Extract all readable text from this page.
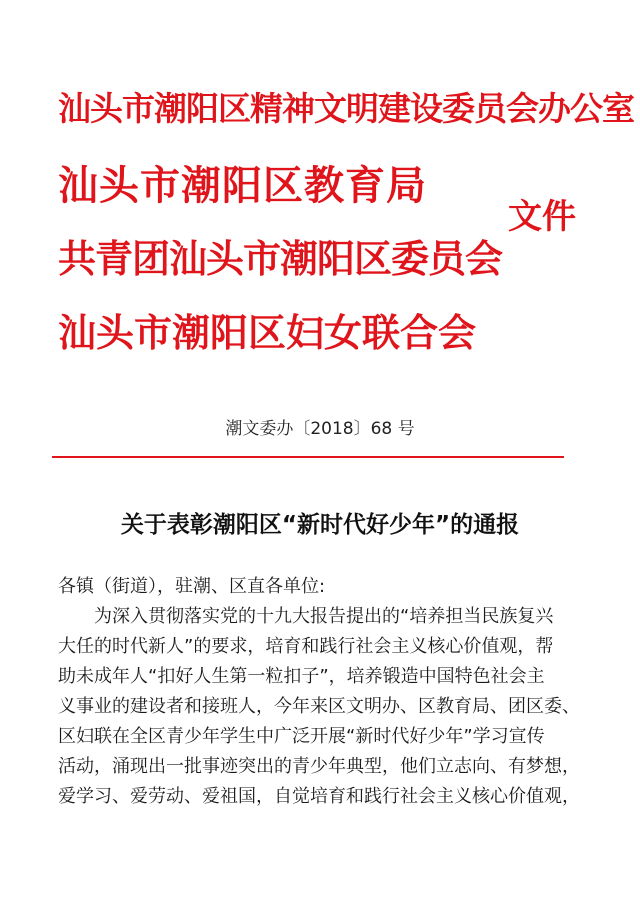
汕头市潮阳区精神文明建设委员会办公室
汕头市潮阳区教育局
共青团汕头市潮阳区委员会
汕头市潮阳区妇女联合会
文件
潮文委办〔2018〕68 号
关于表彰潮阳区“新时代好少年”的通报
各镇（街道），驻潮、区直各单位:
为深入贯彻落实党的十九大报告提出的“培养担当民族复兴
大任的时代新人”的要求，培育和践行社会主义核心价值观，帮
助未成年人“扣好人生第一粒扣子”，培养锻造中国特色社会主
义事业的建设者和接班人，今年来区文明办、区教育局、团区委、
区妇联在全区青少年学生中广泛开展“新时代好少年”学习宣传
活动，涌现出一批事迹突出的青少年典型，他们立志向、有梦想，
爱学习、爱劳动、爱祖国，自觉培育和践行社会主义核心价值观，
